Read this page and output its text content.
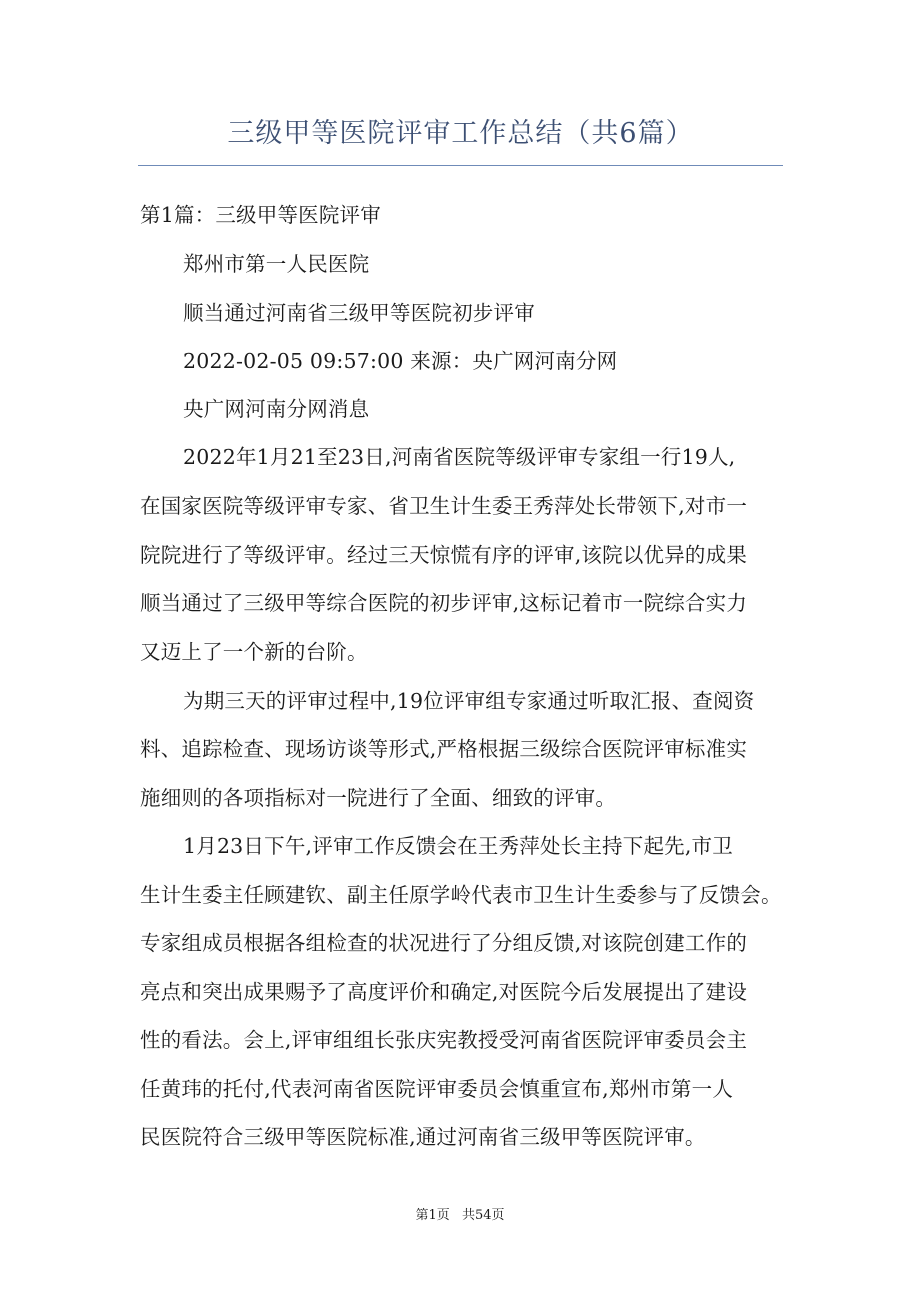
三级甲等医院评审工作总结（共6篇）
第1篇：三级甲等医院评审
郑州市第一人民医院
顺当通过河南省三级甲等医院初步评审
2022-02-05 09:57:00 来源：央广网河南分网
央广网河南分网消息
2022年1月21至23日,河南省医院等级评审专家组一行19人,
在国家医院等级评审专家、省卫生计生委王秀萍处长带领下,对市一
院院进行了等级评审。经过三天惊慌有序的评审,该院以优异的成果
顺当通过了三级甲等综合医院的初步评审,这标记着市一院综合实力
又迈上了一个新的台阶。
为期三天的评审过程中,19位评审组专家通过听取汇报、查阅资
料、追踪检查、现场访谈等形式,严格根据三级综合医院评审标准实
施细则的各项指标对一院进行了全面、细致的评审。
1月23日下午,评审工作反馈会在王秀萍处长主持下起先,市卫
生计生委主任顾建钦、副主任原学岭代表市卫生计生委参与了反馈会。
专家组成员根据各组检查的状况进行了分组反馈,对该院创建工作的
亮点和突出成果赐予了高度评价和确定,对医院今后发展提出了建设
性的看法。会上,评审组组长张庆宪教授受河南省医院评审委员会主
任黄玮的托付,代表河南省医院评审委员会慎重宣布,郑州市第一人
民医院符合三级甲等医院标准,通过河南省三级甲等医院评审。
第1页 共54页
